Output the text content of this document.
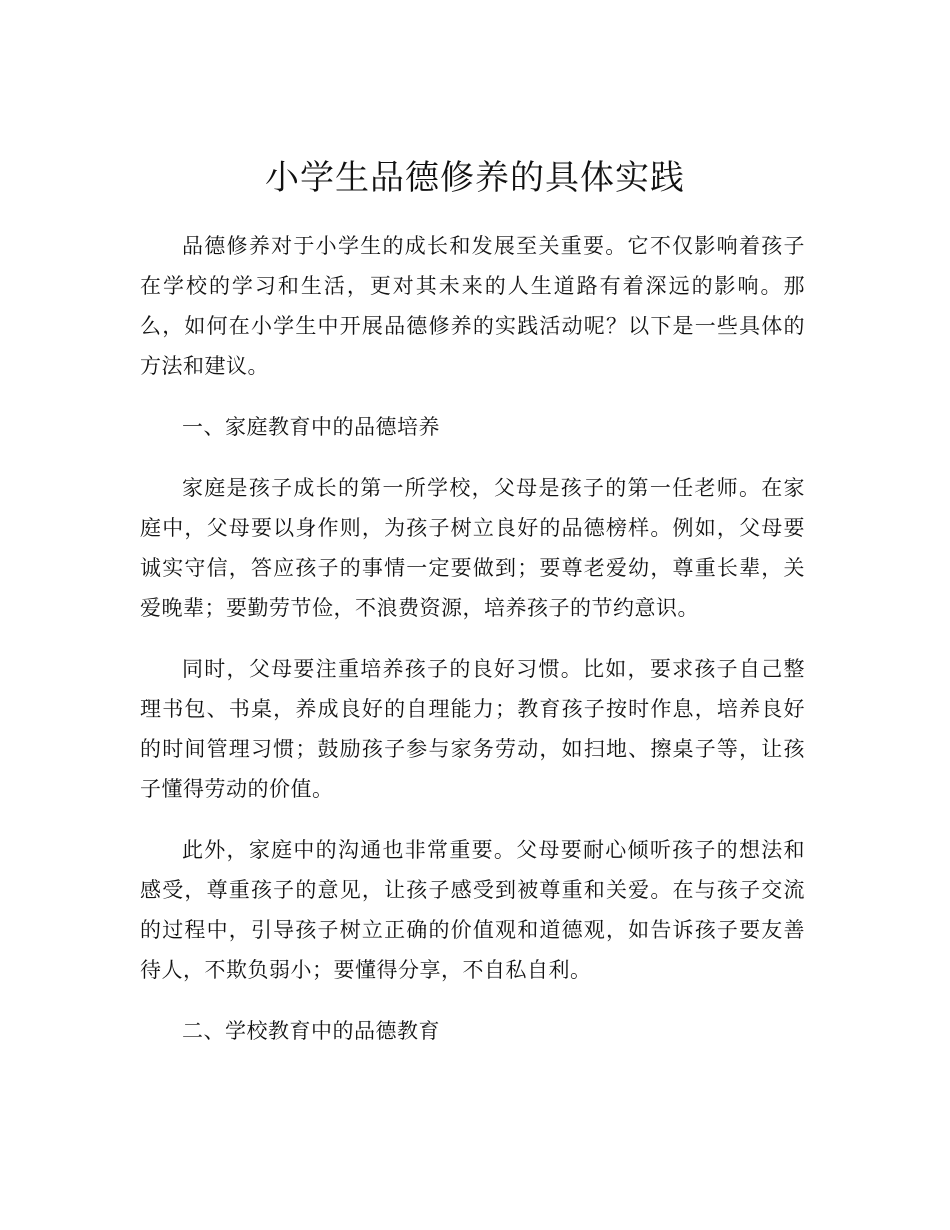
小学生品德修养的具体实践

品德修养对于小学生的成长和发展至关重要。它不仅影响着孩子在学校的学习和生活，更对其未来的人生道路有着深远的影响。那么，如何在小学生中开展品德修养的实践活动呢？以下是一些具体的方法和建议。

一、家庭教育中的品德培养

家庭是孩子成长的第一所学校，父母是孩子的第一任老师。在家庭中，父母要以身作则，为孩子树立良好的品德榜样。例如，父母要诚实守信，答应孩子的事情一定要做到；要尊老爱幼，尊重长辈，关爱晚辈；要勤劳节俭，不浪费资源，培养孩子的节约意识。

同时，父母要注重培养孩子的良好习惯。比如，要求孩子自己整理书包、书桌，养成良好的自理能力；教育孩子按时作息，培养良好的时间管理习惯；鼓励孩子参与家务劳动，如扫地、擦桌子等，让孩子懂得劳动的价值。

此外，家庭中的沟通也非常重要。父母要耐心倾听孩子的想法和感受，尊重孩子的意见，让孩子感受到被尊重和关爱。在与孩子交流的过程中，引导孩子树立正确的价值观和道德观，如告诉孩子要友善待人，不欺负弱小；要懂得分享，不自私自利。

二、学校教育中的品德教育
